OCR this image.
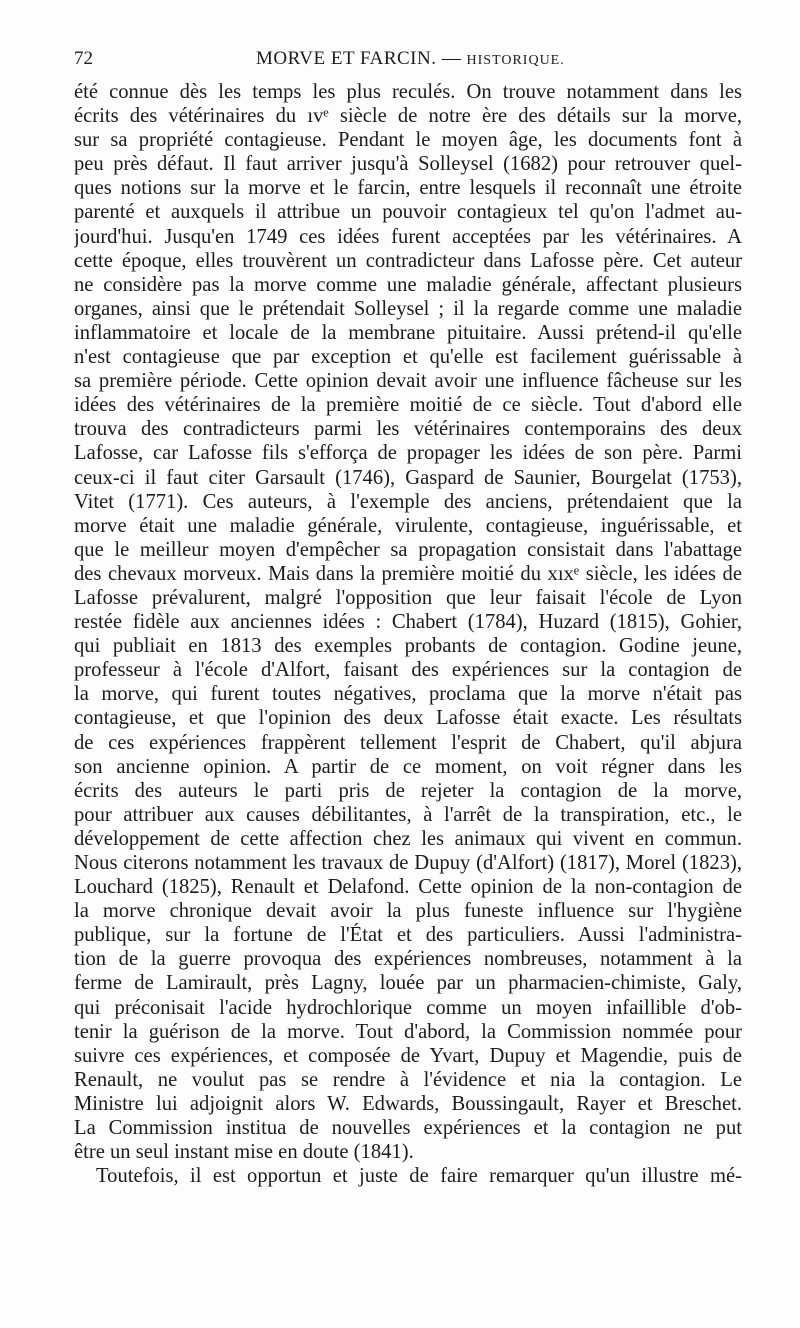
72	MORVE ET FARCIN. — HISTORIQUE.
été connue dès les temps les plus reculés. On trouve notamment dans les
écrits des vétérinaires du ıvᵉ siècle de notre ère des détails sur la morve,
sur sa propriété contagieuse. Pendant le moyen âge, les documents font à
peu près défaut. Il faut arriver jusqu'à Solleysel (1682) pour retrouver quel-
ques notions sur la morve et le farcin, entre lesquels il reconnaît une étroite
parenté et auxquels il attribue un pouvoir contagieux tel qu'on l'admet au-
jourd'hui. Jusqu'en 1749 ces idées furent acceptées par les vétérinaires. A
cette époque, elles trouvèrent un contradicteur dans Lafosse père. Cet auteur
ne considère pas la morve comme une maladie générale, affectant plusieurs
organes, ainsi que le prétendait Solleysel ; il la regarde comme une maladie
inflammatoire et locale de la membrane pituitaire. Aussi prétend-il qu'elle
n'est contagieuse que par exception et qu'elle est facilement guérissable à
sa première période. Cette opinion devait avoir une influence fâcheuse sur les
idées des vétérinaires de la première moitié de ce siècle. Tout d'abord elle
trouva des contradicteurs parmi les vétérinaires contemporains des deux
Lafosse, car Lafosse fils s'efforça de propager les idées de son père. Parmi
ceux-ci il faut citer Garsault (1746), Gaspard de Saunier, Bourgelat (1753),
Vitet (1771). Ces auteurs, à l'exemple des anciens, prétendaient que la
morve était une maladie générale, virulente, contagieuse, inguérissable, et
que le meilleur moyen d'empêcher sa propagation consistait dans l'abattage
des chevaux morveux. Mais dans la première moitié du xıxᵉ siècle, les idées de
Lafosse prévalurent, malgré l'opposition que leur faisait l'école de Lyon
restée fidèle aux anciennes idées : Chabert (1784), Huzard (1815), Gohier,
qui publiait en 1813 des exemples probants de contagion. Godine jeune,
professeur à l'école d'Alfort, faisant des expériences sur la contagion de
la morve, qui furent toutes négatives, proclama que la morve n'était pas
contagieuse, et que l'opinion des deux Lafosse était exacte. Les résultats
de ces expériences frappèrent tellement l'esprit de Chabert, qu'il abjura
son ancienne opinion. A partir de ce moment, on voit régner dans les
écrits des auteurs le parti pris de rejeter la contagion de la morve,
pour attribuer aux causes débilitantes, à l'arrêt de la transpiration, etc., le
développement de cette affection chez les animaux qui vivent en commun.
Nous citerons notamment les travaux de Dupuy (d'Alfort) (1817), Morel (1823),
Louchard (1825), Renault et Delafond. Cette opinion de la non-contagion de
la morve chronique devait avoir la plus funeste influence sur l'hygiène
publique, sur la fortune de l'État et des particuliers. Aussi l'administra-
tion de la guerre provoqua des expériences nombreuses, notamment à la
ferme de Lamirault, près Lagny, louée par un pharmacien-chimiste, Galy,
qui préconisait l'acide hydrochlorique comme un moyen infaillible d'ob-
tenir la guérison de la morve. Tout d'abord, la Commission nommée pour
suivre ces expériences, et composée de Yvart, Dupuy et Magendie, puis de
Renault, ne voulut pas se rendre à l'évidence et nia la contagion. Le
Ministre lui adjoignit alors W. Edwards, Boussingault, Rayer et Breschet.
La Commission institua de nouvelles expériences et la contagion ne put
être un seul instant mise en doute (1841).
Toutefois, il est opportun et juste de faire remarquer qu'un illustre mé-
